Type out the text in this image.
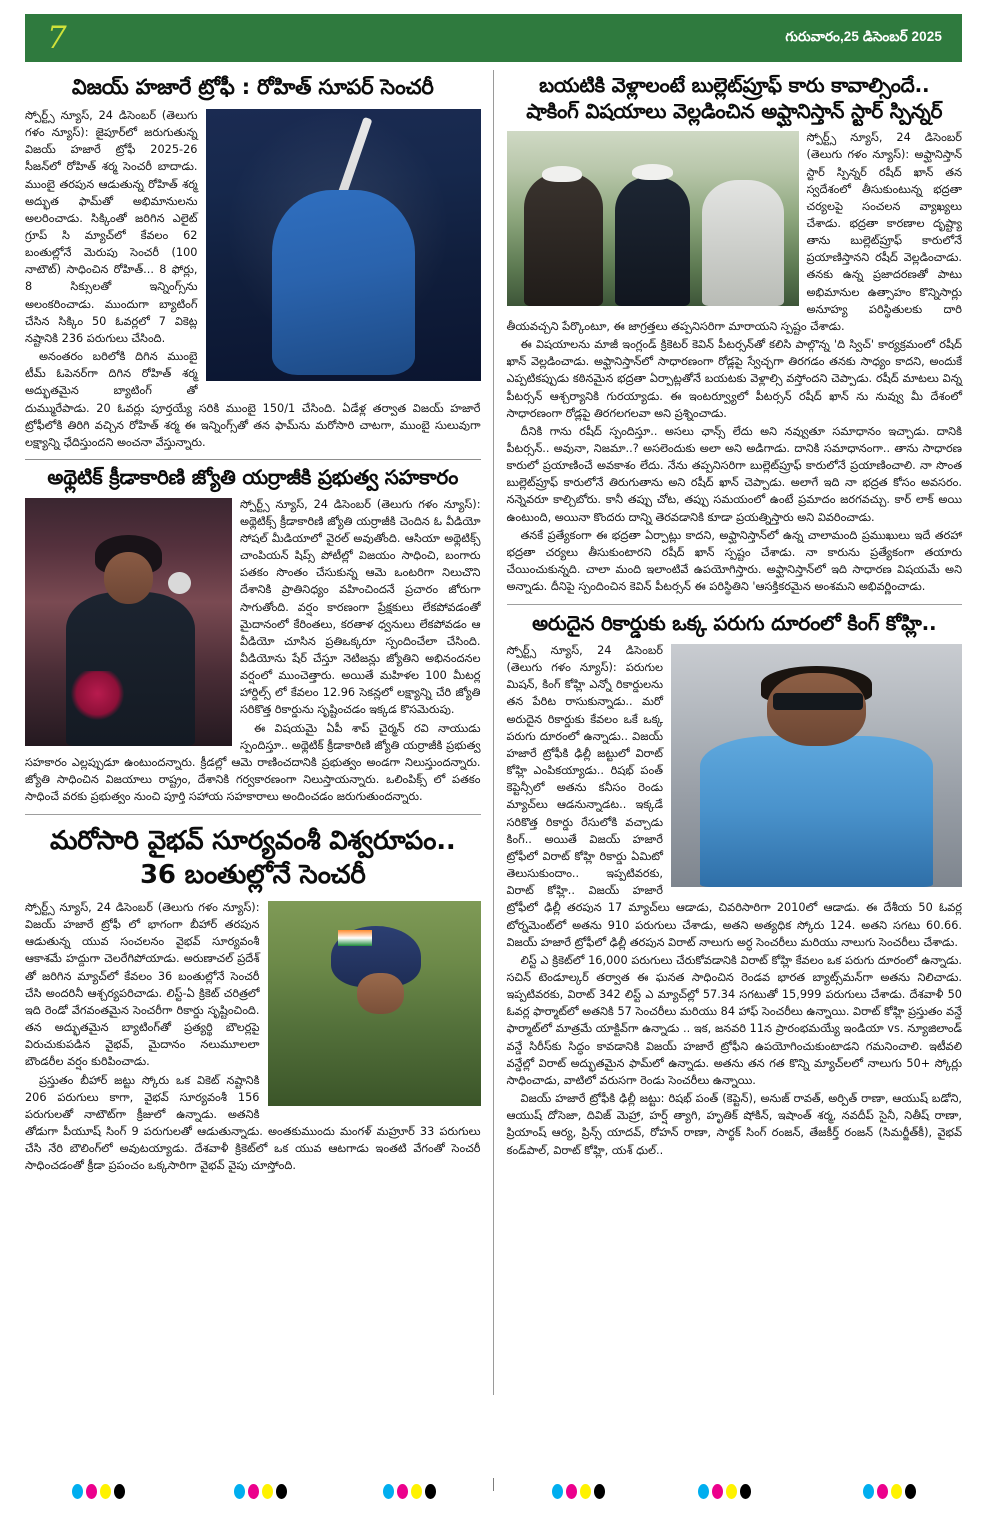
7	గురువారం,25 డిసెంబర్ 2025
విజయ్ హజారే ట్రోఫీ : రోహిత్ సూపర్ సెంచరీ

స్పోర్ట్స్ న్యూస్, 24 డిసెంబర్ (తెలుగు గళం న్యూస్): జైపూర్‌లో జరుగుతున్న విజయ్ హజారే ట్రోఫీ 2025-26 సీజన్‌లో రోహిత్ శర్మ సెంచరీ బాదాడు. ముంబై తరపున ఆడుతున్న రోహిత్ శర్మ అద్భుత ఫామ్‌తో అభిమానులను అలరించాడు. సిక్కింతో జరిగిన ఎలైట్ గ్రూప్ సి మ్యాచ్‌లో కేవలం 62 బంతుల్లోనే మెరుపు సెంచరీ (100 నాటౌట్) సాధించిన రోహిత్... 8 ఫోర్లు, 8 సిక్సులతో ఇన్నింగ్స్‌ను అలంకరించాడు. ముందుగా బ్యాటింగ్ చేసిన సిక్కిం 50 ఓవర్లలో 7 వికెట్ల నష్టానికి 236 పరుగులు చేసింది.

అనంతరం బరిలోకి దిగిన ముంబై టీమ్ ఓపెనర్‌గా దిగిన రోహిత్ శర్మ అద్భుతమైన బ్యాటింగ్ తో దుమ్మురేపాడు. 20 ఓవర్లు పూర్తయ్యే సరికి ముంబై 150/1 చేసింది. ఏడేళ్ల తర్వాత విజయ్ హజారే ట్రోఫీలోకి తిరిగి వచ్చిన రోహిత్ శర్మ ఈ ఇన్నింగ్స్‌తో తన ఫామ్‌ను మరోసారి చాటగా, ముంబై సులువుగా లక్ష్యాన్ని ఛేదిస్తుందని అంచనా వేస్తున్నారు.

అథ్లెటిక్ క్రీడాకారిణి జ్యోతి యర్రాజీకి ప్రభుత్వ సహకారం

స్పోర్ట్స్ న్యూస్, 24 డిసెంబర్ (తెలుగు గళం న్యూస్): అథ్లెటిక్స్ క్రీడాకారిణి జ్యోతి యర్రాజీకి చెందిన ఓ వీడియో సోషల్ మీడియాలో వైరల్ అవుతోంది. ఆసియా అథ్లెటిక్స్ చాంపియన్ షిప్స్ పోటీల్లో విజయం సాధించి, బంగారు పతకం సొంతం చేసుకున్న ఆమె ఒంటరిగా నిలుచొని దేశానికి ప్రాతినిధ్యం వహించిందనే ప్రచారం జోరుగా సాగుతోంది. వర్షం కారణంగా ప్రేక్షకులు లేకపోవడంతో మైదానంలో కేరింతలు, కరతాళ ధ్వనులు లేకపోవడం ఆ వీడియో చూసిన ప్రతిఒక్కరూ స్పందించేలా చేసింది. వీడియోను షేర్ చేస్తూ నెటిజన్లు జ్యోతిని అభినందనల వర్షంలో ముంచెత్తారు. అయితే మహిళల 100 మీటర్ల హార్డిల్స్ లో కేవలం 12.96 సెకన్లలో లక్ష్యాన్ని చేరి జ్యోతి సరికొత్త రికార్డును సృష్టించడం ఇక్కడ కొసమెరుపు.

ఈ విషయమై ఏపీ శాప్ చైర్మన్ రవి నాయుడు స్పందిస్తూ.. అథ్లెటిక్ క్రీడాకారిణి జ్యోతి యర్రాజీకి ప్రభుత్వ సహకారం ఎల్లప్పుడూ ఉంటుందన్నారు. క్రీడల్లో ఆమె రాణించదానికి ప్రభుత్వం అండగా నిలుస్తుందన్నారు. జ్యోతి సాధించిన విజయాలు రాష్ట్రం, దేశానికి గర్వకారణంగా నిలుస్తాయన్నారు. ఒలింపిక్స్ లో పతకం సాధించే వరకు ప్రభుత్వం నుంచి పూర్తి సహాయ సహకారాలు అందించడం జరుగుతుందన్నారు.

మరోసారి వైభవ్ సూర్యవంశీ విశ్వరూపం..
36 బంతుల్లోనే సెంచరీ

స్పోర్ట్స్ న్యూస్, 24 డిసెంబర్ (తెలుగు గళం న్యూస్): విజయ్ హజారే ట్రోఫీ లో భాగంగా బీహార్ తరపున ఆడుతున్న యువ సంచలనం వైభవ్ సూర్యవంశీ ఆకాశమే హద్దుగా చెలరేగిపోయాడు. అరుణాచల్ ప్రదేశ్ తో జరిగిన మ్యాచ్‌లో కేవలం 36 బంతుల్లోనే సెంచరీ చేసి అందరినీ ఆశ్చర్యపరిచాడు. లిస్ట్-ఏ క్రికెట్ చరిత్రలో ఇది రెండో వేగవంతమైన సెంచరీగా రికార్డు సృష్టించింది. తన అద్భుతమైన బ్యాటింగ్‌తో ప్రత్యర్థి బౌలర్లపై విరుచుకుపడిన వైభవ్, మైదానం నలుమూలలా బౌండరీల వర్షం కురిపించాడు.

ప్రస్తుతం బీహార్ జట్టు స్కోరు ఒక వికెట్ నష్టానికి 206 పరుగులు కాగా, వైభవ్ సూర్యవంశీ 156 పరుగులతో నాటౌట్‌గా క్రీజులో ఉన్నాడు. అతనికి తోడుగా పీయూష్ సింగ్ 9 పరుగులతో ఆడుతున్నాడు. అంతకుముందు మంగళ్ మహ్రూర్ 33 పరుగులు చేసి నేరి బౌలింగ్‌లో అవుటయ్యాడు. దేశవాళీ క్రికెట్‌లో ఒక యువ ఆటగాడు ఇంతటి వేగంతో సెంచరీ సాధించడంతో క్రీడా ప్రపంచం ఒక్కసారిగా వైభవ్ వైపు చూస్తోంది.

బయటికి వెళ్లాలంటే బుల్లెట్‌ప్రూఫ్ కారు కావాల్సిందే..
షాకింగ్ విషయాలు వెల్లడించిన అఫ్ఘానిస్తాన్ స్టార్ స్పిన్నర్

స్పోర్ట్స్ న్యూస్, 24 డిసెంబర్ (తెలుగు గళం న్యూస్): అఫ్ఘానిస్తాన్ స్టార్ స్పిన్నర్ రషీద్ ఖాన్ తన స్వదేశంలో తీసుకుంటున్న భద్రతా చర్యలపై సంచలన వ్యాఖ్యలు చేశాడు. భద్రతా కారణాల దృష్ట్యా తాను బుల్లెట్‌ప్రూఫ్ కారులోనే ప్రయాణిస్తానని రషీద్ వెల్లడించాడు. తనకు ఉన్న ప్రజాదరణతో పాటు అభిమానుల ఉత్సాహం కొన్నిసార్లు అనూహ్య పరిస్థితులకు దారి తీయవచ్చని పేర్కొంటూ, ఈ జాగ్రత్తలు తప్పనిసరిగా మారాయని స్పష్టం చేశాడు.

ఈ విషయాలను మాజీ ఇంగ్లండ్ క్రికెటర్ కెవిన్ పీటర్సన్‌తో కలిసి పాల్గొన్న 'ది స్విచ్' కార్యక్రమంలో రషీద్ ఖాన్ వెల్లడించాడు. అఫ్ఘానిస్తాన్‌లో సాధారణంగా రోడ్లపై స్వేచ్ఛగా తిరగడం తనకు సాధ్యం కాదని, అందుకే ఎప్పటికప్పుడు కఠినమైన భద్రతా ఏర్పాట్లతోనే బయటకు వెళ్లాల్సి వస్తోందని చెప్పాడు. రషీద్ మాటలు విన్న పీటర్సన్ ఆశ్చర్యానికి గురయ్యాడు. ఈ ఇంటర్వ్యూలో పీటర్సన్ రషీద్ ఖాన్ ను నువ్వు మీ దేశంలో సాధారణంగా రోడ్లపై తిరగలగలవా అని ప్రశ్నించాడు.

దీనికి గాను రషీద్ స్పందిస్తూ.. అసలు ఛాన్స్ లేదు అని నవ్వుతూ సమాధానం ఇచ్చాడు. దానికి పీటర్సన్.. అవునా, నిజమా..? అసలెందుకు అలా అని అడిగాడు. దానికి సమాధానంగా.. తాను సాధారణ కారులో ప్రయాణించే అవకాశం లేదు. నేను తప్పనిసరిగా బుల్లెట్‌ప్రూఫ్ కారులోనే ప్రయాణించాలి. నా సొంత బుల్లెట్‌ప్రూఫ్ కారులోనే తిరుగుతాను అని రషీద్ ఖాన్ చెప్పాడు. అలాగే ఇది నా భద్రత కోసం అవసరం. నన్నెవరూ కాల్చిబోరు. కానీ తప్పు చోట, తప్పు సమయంలో ఉంటే ప్రమాదం జరగవచ్చు. కార్ లాక్ అయి ఉంటుంది, అయినా కొందరు దాన్ని తెరవడానికి కూడా ప్రయత్నిస్తారు అని వివరించాడు.

తనకే ప్రత్యేకంగా ఈ భద్రతా ఏర్పాట్లు కాదని, అఫ్ఘానిస్తాన్‌లో ఉన్న చాలామంది ప్రముఖులు ఇదే తరహా భద్రతా చర్యలు తీసుకుంటారని రషీద్ ఖాన్ స్పష్టం చేశాడు. నా కారును ప్రత్యేకంగా తయారు చేయించుకున్నది. చాలా మంది ఇలాంటివే ఉపయోగిస్తారు. అఫ్ఘానిస్తాన్‌లో ఇది సాధారణ విషయమే అని అన్నాడు. దీనిపై స్పందించిన కెవిన్ పీటర్సన్ ఈ పరిస్థితిని 'ఆసక్తికరమైన అంశమని అభివర్ణించాడు.

అరుదైన రికార్డుకు ఒక్క పరుగు దూరంలో కింగ్ కోహ్లి..

స్పోర్ట్స్ న్యూస్, 24 డిసెంబర్ (తెలుగు గళం న్యూస్): పరుగుల మిషన్, కింగ్ కోహ్లి ఎన్నో రికార్డులను తన పేరిట రాసుకున్నాడు.. మరో అరుదైన రికార్డుకు కేవలం ఒకే ఒక్క పరుగు దూరంలో ఉన్నాడు.. విజయ్ హజారే ట్రోఫీకి ఢిల్లీ జట్టులో విరాట్ కోహ్లి ఎంపికయ్యాడు.. రిషభ్ పంత్ కెప్టెన్సీలో అతను కనీసం రెండు మ్యాచ్‌లు ఆడనున్నాడట.. ఇక్కడే సరికొత్త రికార్డు రేసులోకి వచ్చాడు కింగ్.. అయితే విజయ్ హజారే ట్రోఫీలో విరాట్ కోహ్లి రికార్డు ఏమిటో తెలుసుకుందాం.. ఇప్పటివరకు, విరాట్ కోహ్లి.. విజయ్ హజారే ట్రోఫీలో ఢిల్లీ తరపున 17 మ్యాచ్‌లు ఆడాడు, చివరిసారిగా 2010లో ఆడాడు. ఈ దేశీయ 50 ఓవర్ల టోర్నమెంట్‌లో అతను 910 పరుగులు చేశాడు, అతని అత్యధిక స్కోరు 124. అతని సగటు 60.66. విజయ్ హజారే ట్రోఫీలో ఢిల్లీ తరపున విరాట్ నాలుగు అర్ధ సెంచరీలు మరియు నాలుగు సెంచరీలు చేశాడు.

లిస్ట్ ఎ క్రికెట్‌లో 16,000 పరుగులు చేరుకోవడానికి విరాట్ కోహ్లి కేవలం ఒక పరుగు దూరంలో ఉన్నాడు. సచిన్ టెండూల్కర్ తర్వాత ఈ ఘనత సాధించిన రెండవ భారత బ్యాట్స్‌మన్‌గా అతను నిలిచాడు. ఇప్పటివరకు, విరాట్ 342 లిస్ట్ ఎ మ్యాచ్‌ల్లో 57.34 సగటుతో 15,999 పరుగులు చేశాడు. దేశవాళీ 50 ఓవర్ల ఫార్మాట్‌లో అతనికి 57 సెంచరీలు మరియు 84 హాఫ్ సెంచరీలు ఉన్నాయి. విరాట్ కోహ్లి ప్రస్తుతం వన్డే ఫార్మాట్‌లో మాత్రమే యాక్టివ్‌గా ఉన్నాడు .. ఇక, జనవరి 11న ప్రారంభమయ్యే ఇండియా vs. న్యూజిలాండ్ వన్డే సిరీస్‌కు సిద్ధం కావడానికి విజయ్ హజారే ట్రోఫీని ఉపయోగించుకుంటాడని గమనించాలి. ఇటీవలి వన్డేల్లో విరాట్ అద్భుతమైన ఫామ్‌లో ఉన్నాడు. అతను తన గత కొన్ని మ్యాచ్‌లలో నాలుగు 50+ స్కోర్లు సాధించాడు, వాటిలో వరుసగా రెండు సెంచరీలు ఉన్నాయి.

విజయ్ హజారే ట్రోఫీకి ఢిల్లీ జట్టు: రిషభ్ పంత్ (కెప్టెన్), అనుజ్ రావత్, అర్పిత్ రాణా, ఆయుష్ బడోని, ఆయుష్ దోసెజా, దివిజ్ మెహ్రా, హర్ష్ త్యాగి, హృతిక్ షోకిన్, ఇషాంత్ శర్మ, నవదీప్ సైనీ, నితీష్ రాణా, ప్రియాంష్ ఆర్య, ప్రిన్స్ యాదవ్, రోహన్ రాణా, సార్థక్ సింగ్ రంజన్, తేజకీర్త్ రంజన్ (సిమర్జీత్‌కీ), వైభవ్ కండ్‌పాల్, విరాట్ కోహ్లి, యశ్ ధుల్..
